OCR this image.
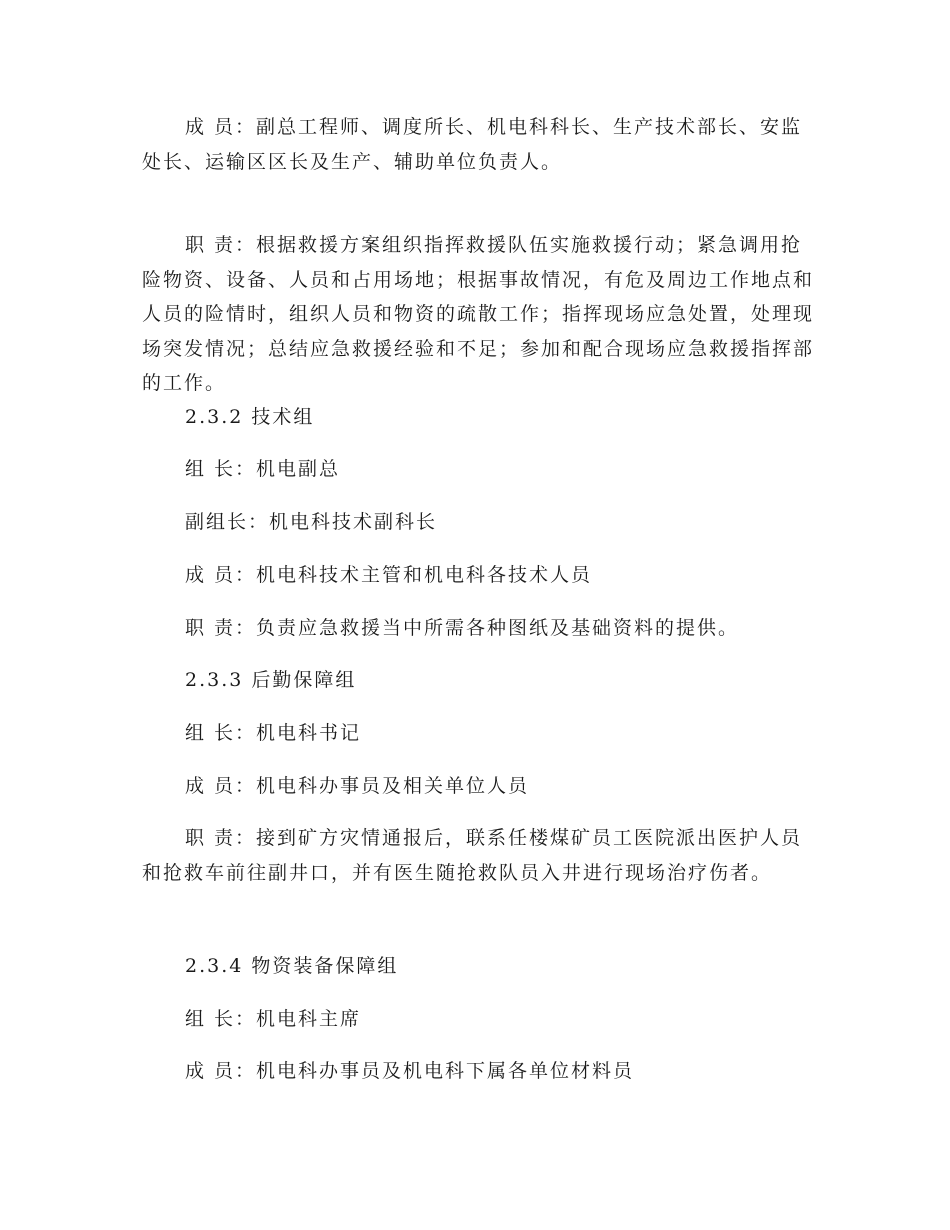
成 员：副总工程师、调度所长、机电科科长、生产技术部长、安监处长、运输区区长及生产、辅助单位负责人。

职 责：根据救援方案组织指挥救援队伍实施救援行动；紧急调用抢险物资、设备、人员和占用场地；根据事故情况，有危及周边工作地点和人员的险情时，组织人员和物资的疏散工作；指挥现场应急处置，处理现场突发情况；总结应急救援经验和不足；参加和配合现场应急救援指挥部的工作。

2.3.2 技术组

组 长：机电副总

副组长：机电科技术副科长

成 员：机电科技术主管和机电科各技术人员

职 责：负责应急救援当中所需各种图纸及基础资料的提供。

2.3.3 后勤保障组

组 长：机电科书记

成 员：机电科办事员及相关单位人员

职 责：接到矿方灾情通报后，联系任楼煤矿员工医院派出医护人员和抢救车前往副井口，并有医生随抢救队员入井进行现场治疗伤者。

2.3.4 物资装备保障组

组 长：机电科主席

成 员：机电科办事员及机电科下属各单位材料员
